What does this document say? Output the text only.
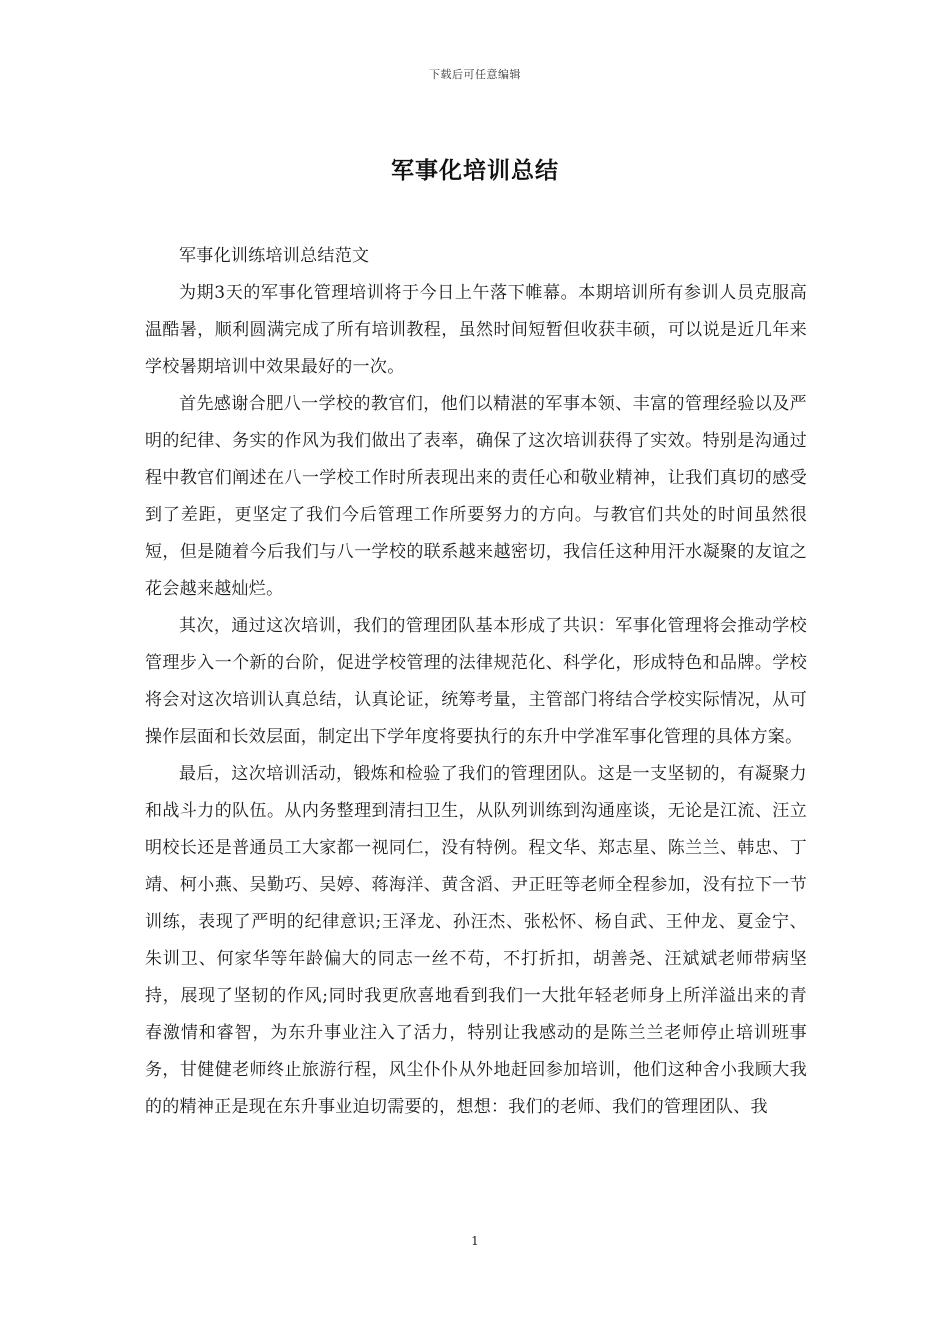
下载后可任意编辑
军事化培训总结

军事化训练培训总结范文

为期3天的军事化管理培训将于今日上午落下帷幕。本期培训所有参训人员克服高温酷暑，顺利圆满完成了所有培训教程，虽然时间短暂但收获丰硕，可以说是近几年来学校暑期培训中效果最好的一次。

首先感谢合肥八一学校的教官们，他们以精湛的军事本领、丰富的管理经验以及严明的纪律、务实的作风为我们做出了表率，确保了这次培训获得了实效。特别是沟通过程中教官们阐述在八一学校工作时所表现出来的责任心和敬业精神，让我们真切的感受到了差距，更坚定了我们今后管理工作所要努力的方向。与教官们共处的时间虽然很短，但是随着今后我们与八一学校的联系越来越密切，我信任这种用汗水凝聚的友谊之花会越来越灿烂。

其次，通过这次培训，我们的管理团队基本形成了共识：军事化管理将会推动学校管理步入一个新的台阶，促进学校管理的法律规范化、科学化，形成特色和品牌。学校将会对这次培训认真总结，认真论证，统筹考量，主管部门将结合学校实际情况，从可操作层面和长效层面，制定出下学年度将要执行的东升中学准军事化管理的具体方案。

最后，这次培训活动，锻炼和检验了我们的管理团队。这是一支坚韧的，有凝聚力和战斗力的队伍。从内务整理到清扫卫生，从队列训练到沟通座谈，无论是江流、汪立明校长还是普通员工大家都一视同仁，没有特例。程文华、郑志星、陈兰兰、韩忠、丁靖、柯小燕、吴勤巧、吴婷、蒋海洋、黄含滔、尹正旺等老师全程参加，没有拉下一节训练，表现了严明的纪律意识;王泽龙、孙汪杰、张松怀、杨自武、王仲龙、夏金宁、朱训卫、何家华等年龄偏大的同志一丝不苟，不打折扣，胡善尧、汪斌斌老师带病坚持，展现了坚韧的作风;同时我更欣喜地看到我们一大批年轻老师身上所洋溢出来的青春激情和睿智，为东升事业注入了活力，特别让我感动的是陈兰兰老师停止培训班事务，甘健健老师终止旅游行程，风尘仆仆从外地赶回参加培训，他们这种舍小我顾大我的的精神正是现在东升事业迫切需要的，想想：我们的老师、我们的管理团队、我

1
